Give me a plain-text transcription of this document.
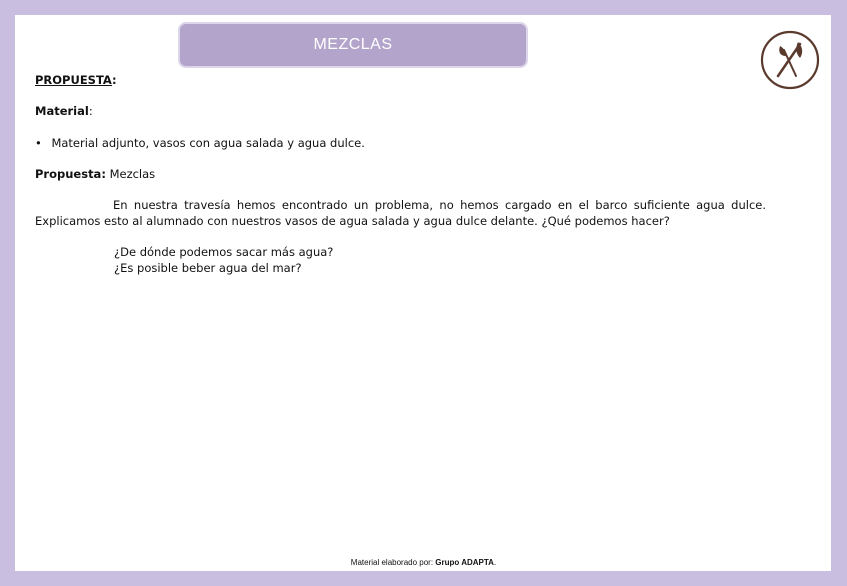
MEZCLAS
PROPUESTA:
Material:
• Material adjunto, vasos con agua salada y agua dulce.
Propuesta: Mezclas
En nuestra travesía hemos encontrado un problema, no hemos cargado en el barco suficiente agua dulce. Explicamos esto al alumnado con nuestros vasos de agua salada y agua dulce delante. ¿Qué podemos hacer?
¿De dónde podemos sacar más agua?
¿Es posible beber agua del mar?
Material elaborado por: Grupo ADAPTA.
